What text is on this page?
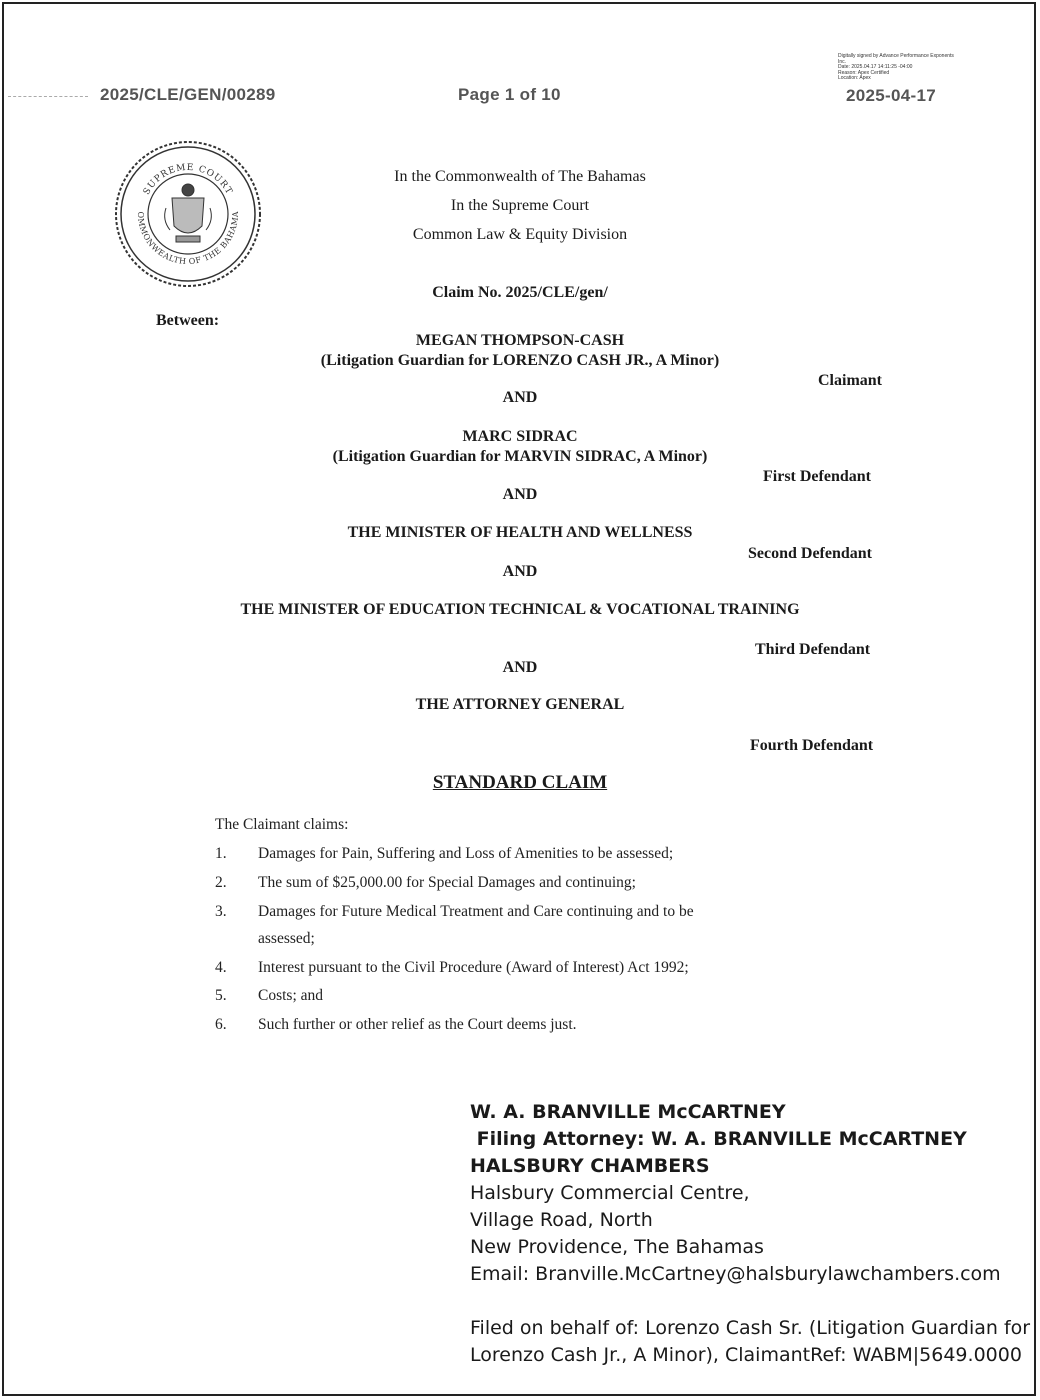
2025/CLE/GEN/00289	Page 1 of 10	2025-04-17
Digitally signed by Advance Performance Exponents
Inc.
Date: 2025.04.17 14:11:25 -04:00
Reason: Apex Certified
Location: Apex
SUPREME COURT
OMMONWEALTH OF THE BAHAMA
In the Commonwealth of The Bahamas
In the Supreme Court
Common Law & Equity Division
Claim No. 2025/CLE/gen/
Between:
MEGAN THOMPSON-CASH
(Litigation Guardian for LORENZO CASH JR., A Minor)
Claimant
AND
MARC SIDRAC
(Litigation Guardian for MARVIN SIDRAC, A Minor)
First Defendant
AND
THE MINISTER OF HEALTH AND WELLNESS
Second Defendant
AND
THE MINISTER OF EDUCATION TECHNICAL & VOCATIONAL TRAINING
Third Defendant
AND
THE ATTORNEY GENERAL
Fourth Defendant
STANDARD CLAIM
The Claimant claims:
1. Damages for Pain, Suffering and Loss of Amenities to be assessed;
2. The sum of $25,000.00 for Special Damages and continuing;
3. Damages for Future Medical Treatment and Care continuing and to be
assessed;
4. Interest pursuant to the Civil Procedure (Award of Interest) Act 1992;
5. Costs; and
6. Such further or other relief as the Court deems just.
W. A. BRANVILLE McCARTNEY
Filing Attorney: W. A. BRANVILLE McCARTNEY
HALSBURY CHAMBERS
Halsbury Commercial Centre,
Village Road, North
New Providence, The Bahamas
Email: Branville.McCartney@halsburylawchambers.com
Filed on behalf of: Lorenzo Cash Sr. (Litigation Guardian for
Lorenzo Cash Jr., A Minor), ClaimantRef: WABM|5649.0000
